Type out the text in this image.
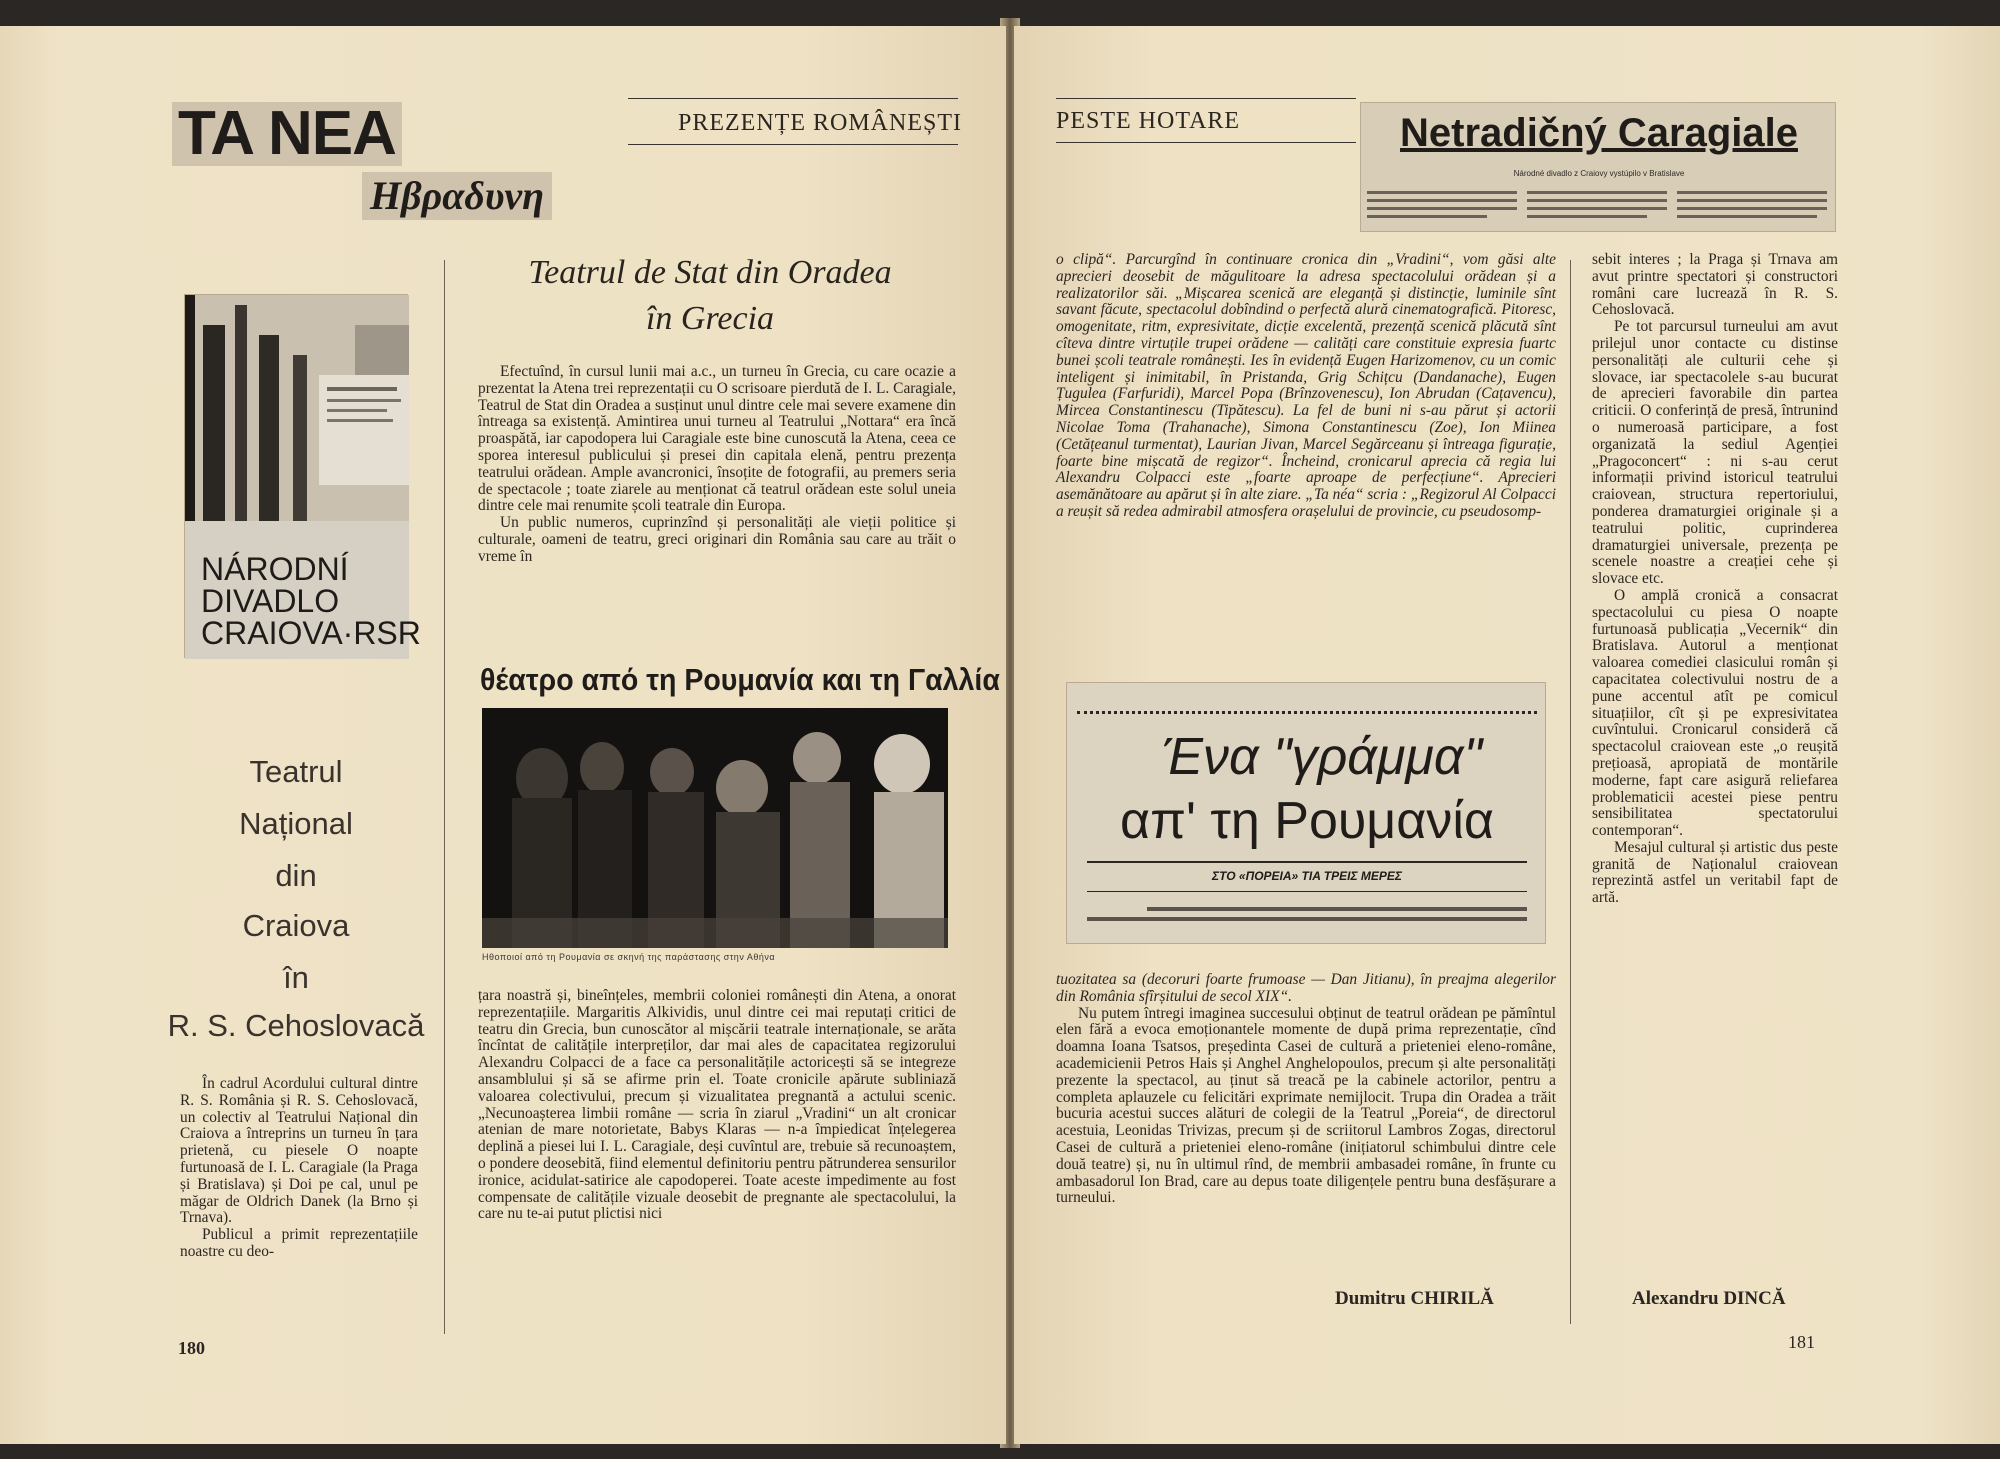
TA NEA
Ηβραδυνη
PREZENȚE ROMÂNEȘTI
NÁRODNÍ
DIVADLO
CRAIOVA·RSR
Teatrul
Național
din
Craiova
în
R. S. Cehoslovacă

În cadrul Acordului cultural dintre R. S. România și R. S. Cehoslovacă, un colectiv al Teatrului Național din Craiova a întreprins un turneu în țara prietenă, cu piesele O noapte furtunoasă de I. L. Caragiale (la Praga și Bratislava) și Doi pe cal, unul pe măgar de Oldrich Danek (la Brno și Trnava).

Publicul a primit reprezentațiile noastre cu deo-

Teatrul de Stat din Oradea
în Grecia

Efectuînd, în cursul lunii mai a.c., un turneu în Grecia, cu care ocazie a prezentat la Atena trei reprezentații cu O scrisoare pierdută de I. L. Caragiale, Teatrul de Stat din Oradea a susținut unul dintre cele mai severe examene din întreaga sa existență. Amintirea unui turneu al Teatrului „Nottara“ era încă proaspătă, iar capodopera lui Caragiale este bine cunoscută la Atena, ceea ce sporea interesul publicului și presei din capitala elenă, pentru prezența teatrului orădean. Ample avancronici, însoțite de fotografii, au premers seria de spectacole ; toate ziarele au menționat că teatrul orădean este solul uneia dintre cele mai renumite școli teatrale din Europa.

Un public numeros, cuprinzînd și personalități ale vieții politice și culturale, oameni de teatru, greci originari din România sau care au trăit o vreme în

θέατρο από τη Ρουμανία και τη Γαλλία
Ηθοποιοί από τη Ρουμανία σε σκηνή της παράστασης στην Αθήνα

țara noastră și, bineînțeles, membrii coloniei românești din Atena, a onorat reprezentațiile. Margaritis Alkividis, unul dintre cei mai reputați critici de teatru din Grecia, bun cunoscător al mișcării teatrale internaționale, se arăta încîntat de calitățile interpreților, dar mai ales de capacitatea regizorului Alexandru Colpacci de a face ca personalitățile actoricești să se integreze ansamblului și să se afirme prin el. Toate cronicile apărute subliniază valoarea colectivului, precum și vizualitatea pregnantă a actului scenic. „Necunoașterea limbii române — scria în ziarul „Vradini“ un alt cronicar atenian de mare notorietate, Babys Klaras — n-a împiedicat înțelegerea deplină a piesei lui I. L. Caragiale, deși cuvîntul are, trebuie să recunoaștem, o pondere deosebită, fiind elementul definitoriu pentru pătrunderea sensurilor ironice, acidulat-satirice ale capodoperei. Toate aceste impedimente au fost compensate de calitățile vizuale deosebit de pregnante ale spectacolului, la care nu te-ai putut plictisi nici

180
PESTE HOTARE	Netradičný Caragiale
Národné divadlo z Craiovy vystúpilo v Bratislave

o clipă“. Parcurgînd în continuare cronica din „Vradini“, vom găsi alte aprecieri deosebit de măgulitoare la adresa spectacolului orădean și a realizatorilor săi. „Mișcarea scenică are eleganță și distincție, luminile sînt savant făcute, spectacolul dobîndind o perfectă alură cinematografică. Pitoresc, omogenitate, ritm, expresivitate, dicție excelentă, prezență scenică plăcută sînt cîteva dintre virtuțile trupei orădene — calități care constituie expresia fuartc bunei școli teatrale românești. Ies în evidență Eugen Harizomenov, cu un comic inteligent și inimitabil, în Pristanda, Grig Schițcu (Dandanache), Eugen Țugulea (Farfuridi), Marcel Popa (Brînzovenescu), Ion Abrudan (Cațavencu), Mircea Constantinescu (Tipătescu). La fel de buni ni s-au părut și actorii Nicolae Toma (Trahanache), Simona Constantinescu (Zoe), Ion Miinea (Cetățeanul turmentat), Laurian Jivan, Marcel Segărceanu și întreaga figurație, foarte bine mișcată de regizor“. Încheind, cronicarul aprecia că regia lui Alexandru Colpacci este „foarte aproape de perfecțiune“. Aprecieri asemănătoare au apărut și în alte ziare. „Ta néa“ scria : „Regizorul Al Colpacci a reușit să redea admirabil atmosfera orașelului de provincie, cu pseudosomp-

Ένα "γράμμα"
απ' τη Ρουμανία
ΣΤΟ «ΠΟΡΕΙΑ» ΤΙΑ ΤΡΕΙΣ ΜΕΡΕΣ

tuozitatea sa (decoruri foarte frumoase — Dan Jitianu), în preajma alegerilor din România sfîrșitului de secol XIX“.

Nu putem întregi imaginea succesului obținut de teatrul orădean pe pămîntul elen fără a evoca emoționantele momente de după prima reprezentație, cînd doamna Ioana Tsatsos, președinta Casei de cultură a prieteniei eleno-române, academicienii Petros Hais și Anghel Anghelopoulos, precum și alte personalități prezente la spectacol, au ținut să treacă pe la cabinele actorilor, pentru a completa aplauzele cu felicitări exprimate nemijlocit. Trupa din Oradea a trăit bucuria acestui succes alături de colegii de la Teatrul „Poreia“, de directorul acestuia, Leonidas Trivizas, precum și de scriitorul Lambros Zogas, directorul Casei de cultură a prieteniei eleno-române (inițiatorul schimbului dintre cele două teatre) și, nu în ultimul rînd, de membrii ambasadei române, în frunte cu ambasadorul Ion Brad, care au depus toate diligențele pentru buna desfășurare a turneului.

Dumitru CHIRILĂ

sebit interes ; la Praga și Trnava am avut printre spectatori și constructori români care lucrează în R. S. Cehoslovacă.

Pe tot parcursul turneului am avut prilejul unor contacte cu distinse personalități ale culturii cehe și slovace, iar spectacolele s-au bucurat de aprecieri favorabile din partea criticii. O conferință de presă, întrunind o numeroasă participare, a fost organizată la sediul Agenției „Pragoconcert“ : ni s-au cerut informații privind istoricul teatrului craiovean, structura repertoriului, ponderea dramaturgiei originale și a teatrului politic, cuprinderea dramaturgiei universale, prezența pe scenele noastre a creației cehe și slovace etc.

O amplă cronică a consacrat spectacolului cu piesa O noapte furtunoasă publicația „Vecernik“ din Bratislava. Autorul a menționat valoarea comediei clasicului român și capacitatea colectivului nostru de a pune accentul atît pe comicul situațiilor, cît și pe expresivitatea cuvîntului. Cronicarul consideră că spectacolul craiovean este „o reușită prețioasă, apropiată de montările moderne, fapt care asigură reliefarea problematicii acestei piese pentru sensibilitatea spectatorului contemporan“.

Mesajul cultural și artistic dus peste granită de Naționalul craiovean reprezintă astfel un veritabil fapt de artă.

Alexandru DINCĂ
181
